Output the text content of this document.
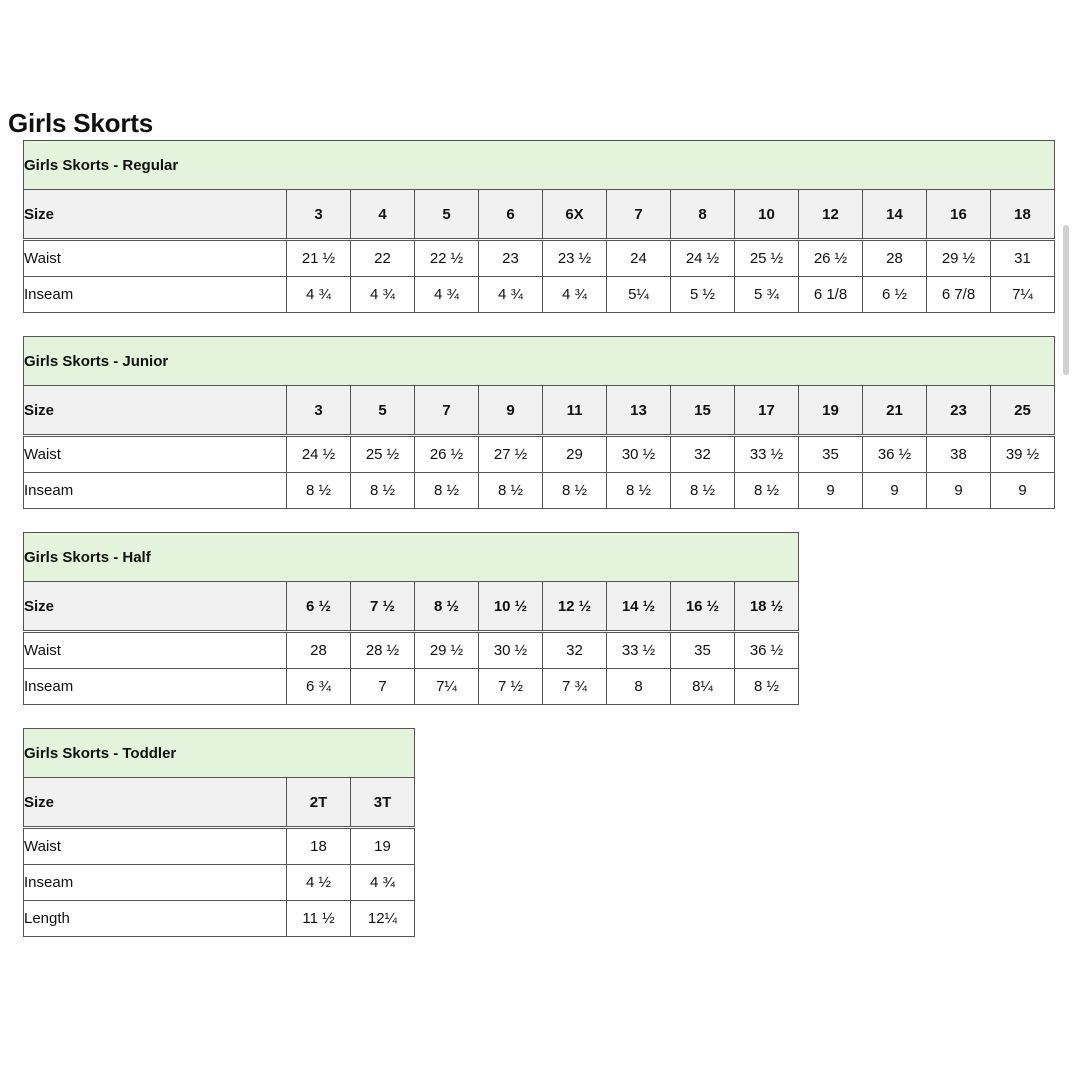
Girls Skorts
Girls Skorts - Regular												
Size	3	4	5	6	6X	7	8	10	12	14	16	18
Waist	21 ½	22	22 ½	23	23 ½	24	24 ½	25 ½	26 ½	28	29 ½	31
Inseam	4 ¾	4 ¾	4 ¾	4 ¾	4 ¾	5¼	5 ½	5 ¾	6 1/8	6 ½	6 7/8	7¼
Girls Skorts - Junior												
Size	3	5	7	9	11	13	15	17	19	21	23	25
Waist	24 ½	25 ½	26 ½	27 ½	29	30 ½	32	33 ½	35	36 ½	38	39 ½
Inseam	8 ½	8 ½	8 ½	8 ½	8 ½	8 ½	8 ½	8 ½	9	9	9	9
Girls Skorts - Half								
Size	6 ½	7 ½	8 ½	10 ½	12 ½	14 ½	16 ½	18 ½
Waist	28	28 ½	29 ½	30 ½	32	33 ½	35	36 ½
Inseam	6 ¾	7	7¼	7 ½	7 ¾	8	8¼	8 ½
Girls Skorts - Toddler		
Size	2T	3T
Waist	18	19
Inseam	4 ½	4 ¾
Length	11 ½	12¼
